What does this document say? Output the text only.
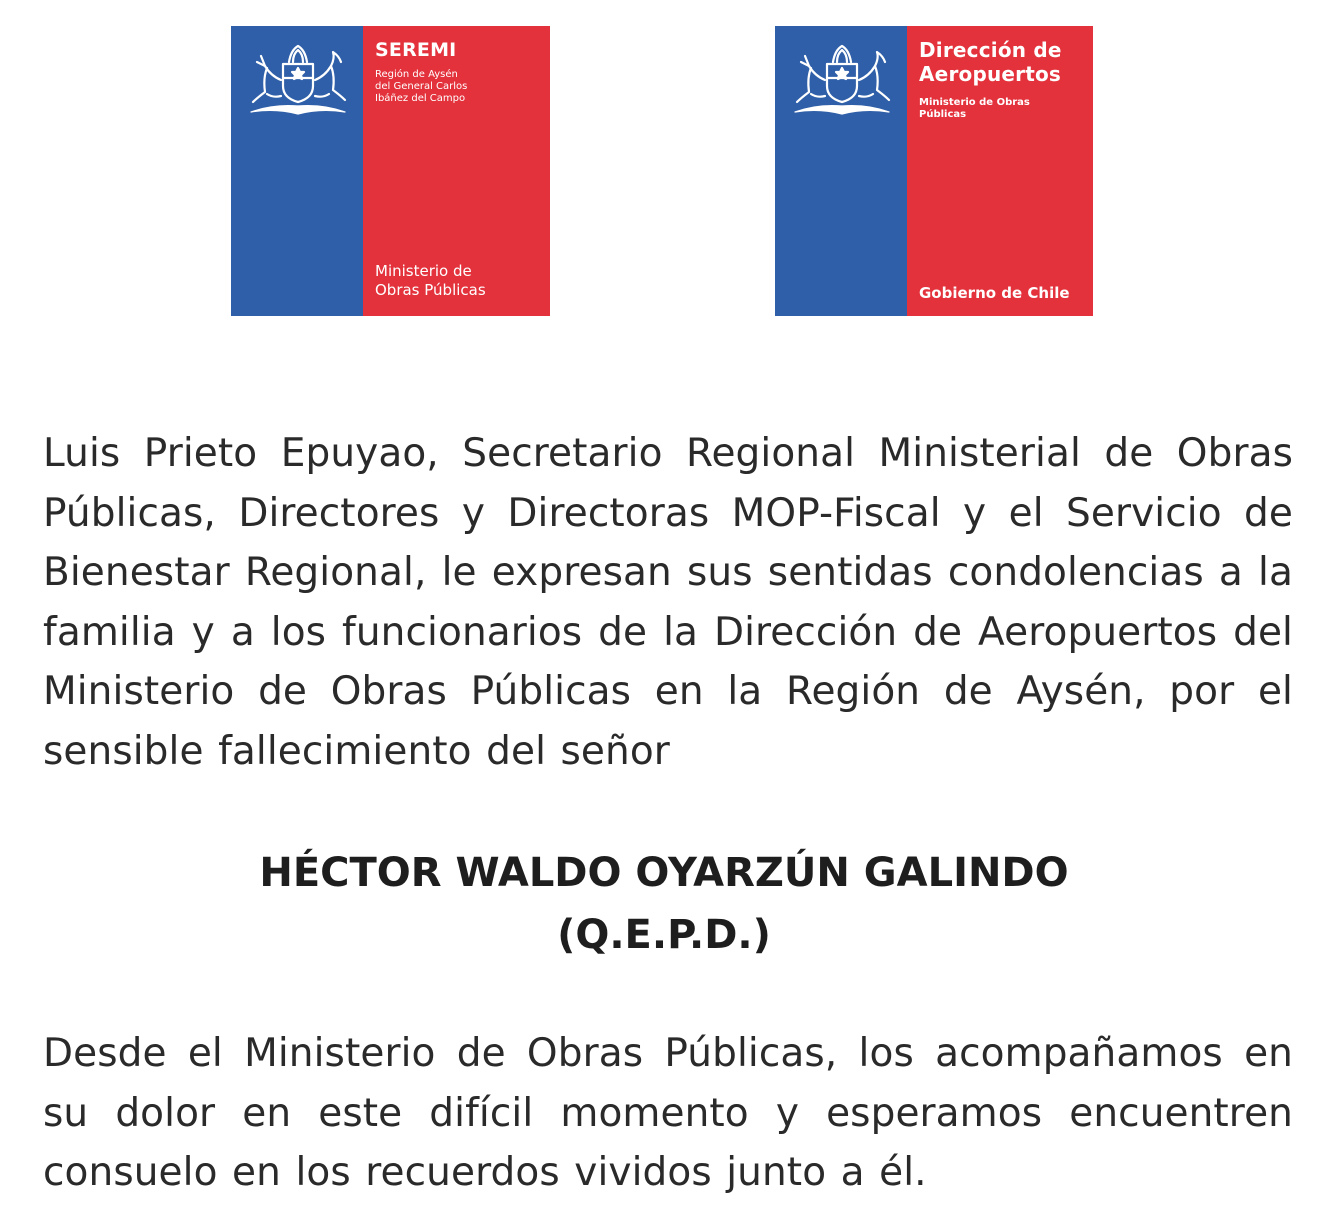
SEREMI
Región de Aysén
del General Carlos
Ibáñez del Campo
Ministerio de
Obras Públicas
Dirección de
Aeropuertos
Ministerio de Obras
Públicas
Gobierno de Chile
Luis Prieto Epuyao, Secretario Regional Ministerial de Obras Públicas, Directores y Directoras MOP-Fiscal y el Servicio de Bienestar Regional, le expresan sus sentidas condolencias a la familia y a los funcionarios de la Dirección de Aeropuertos del Ministerio de Obras Públicas en la Región de Aysén, por el sensible fallecimiento del señor
HÉCTOR WALDO OYARZÚN GALINDO
(Q.E.P.D.)
Desde el Ministerio de Obras Públicas, los acompañamos en su dolor en este difícil momento y esperamos encuentren consuelo en los recuerdos vividos junto a él.
